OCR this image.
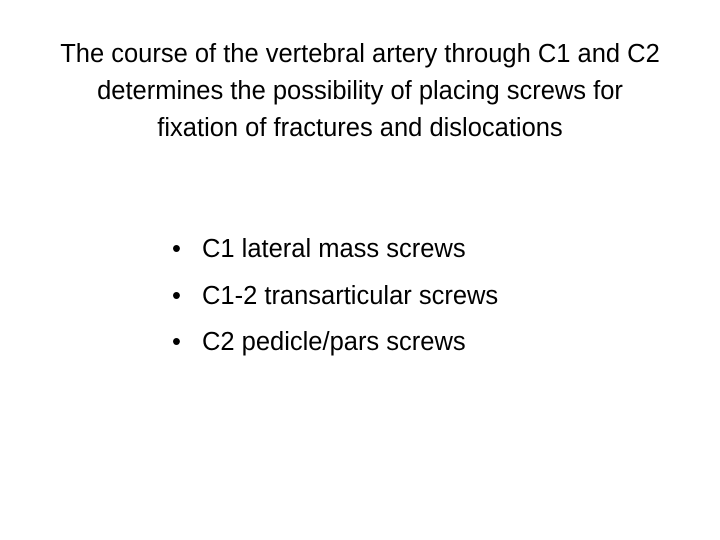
The course of the vertebral artery through C1 and C2
determines the possibility of placing screws for
fixation of fractures and dislocations
• C1 lateral mass screws
• C1-2 transarticular screws
• C2 pedicle/pars screws
